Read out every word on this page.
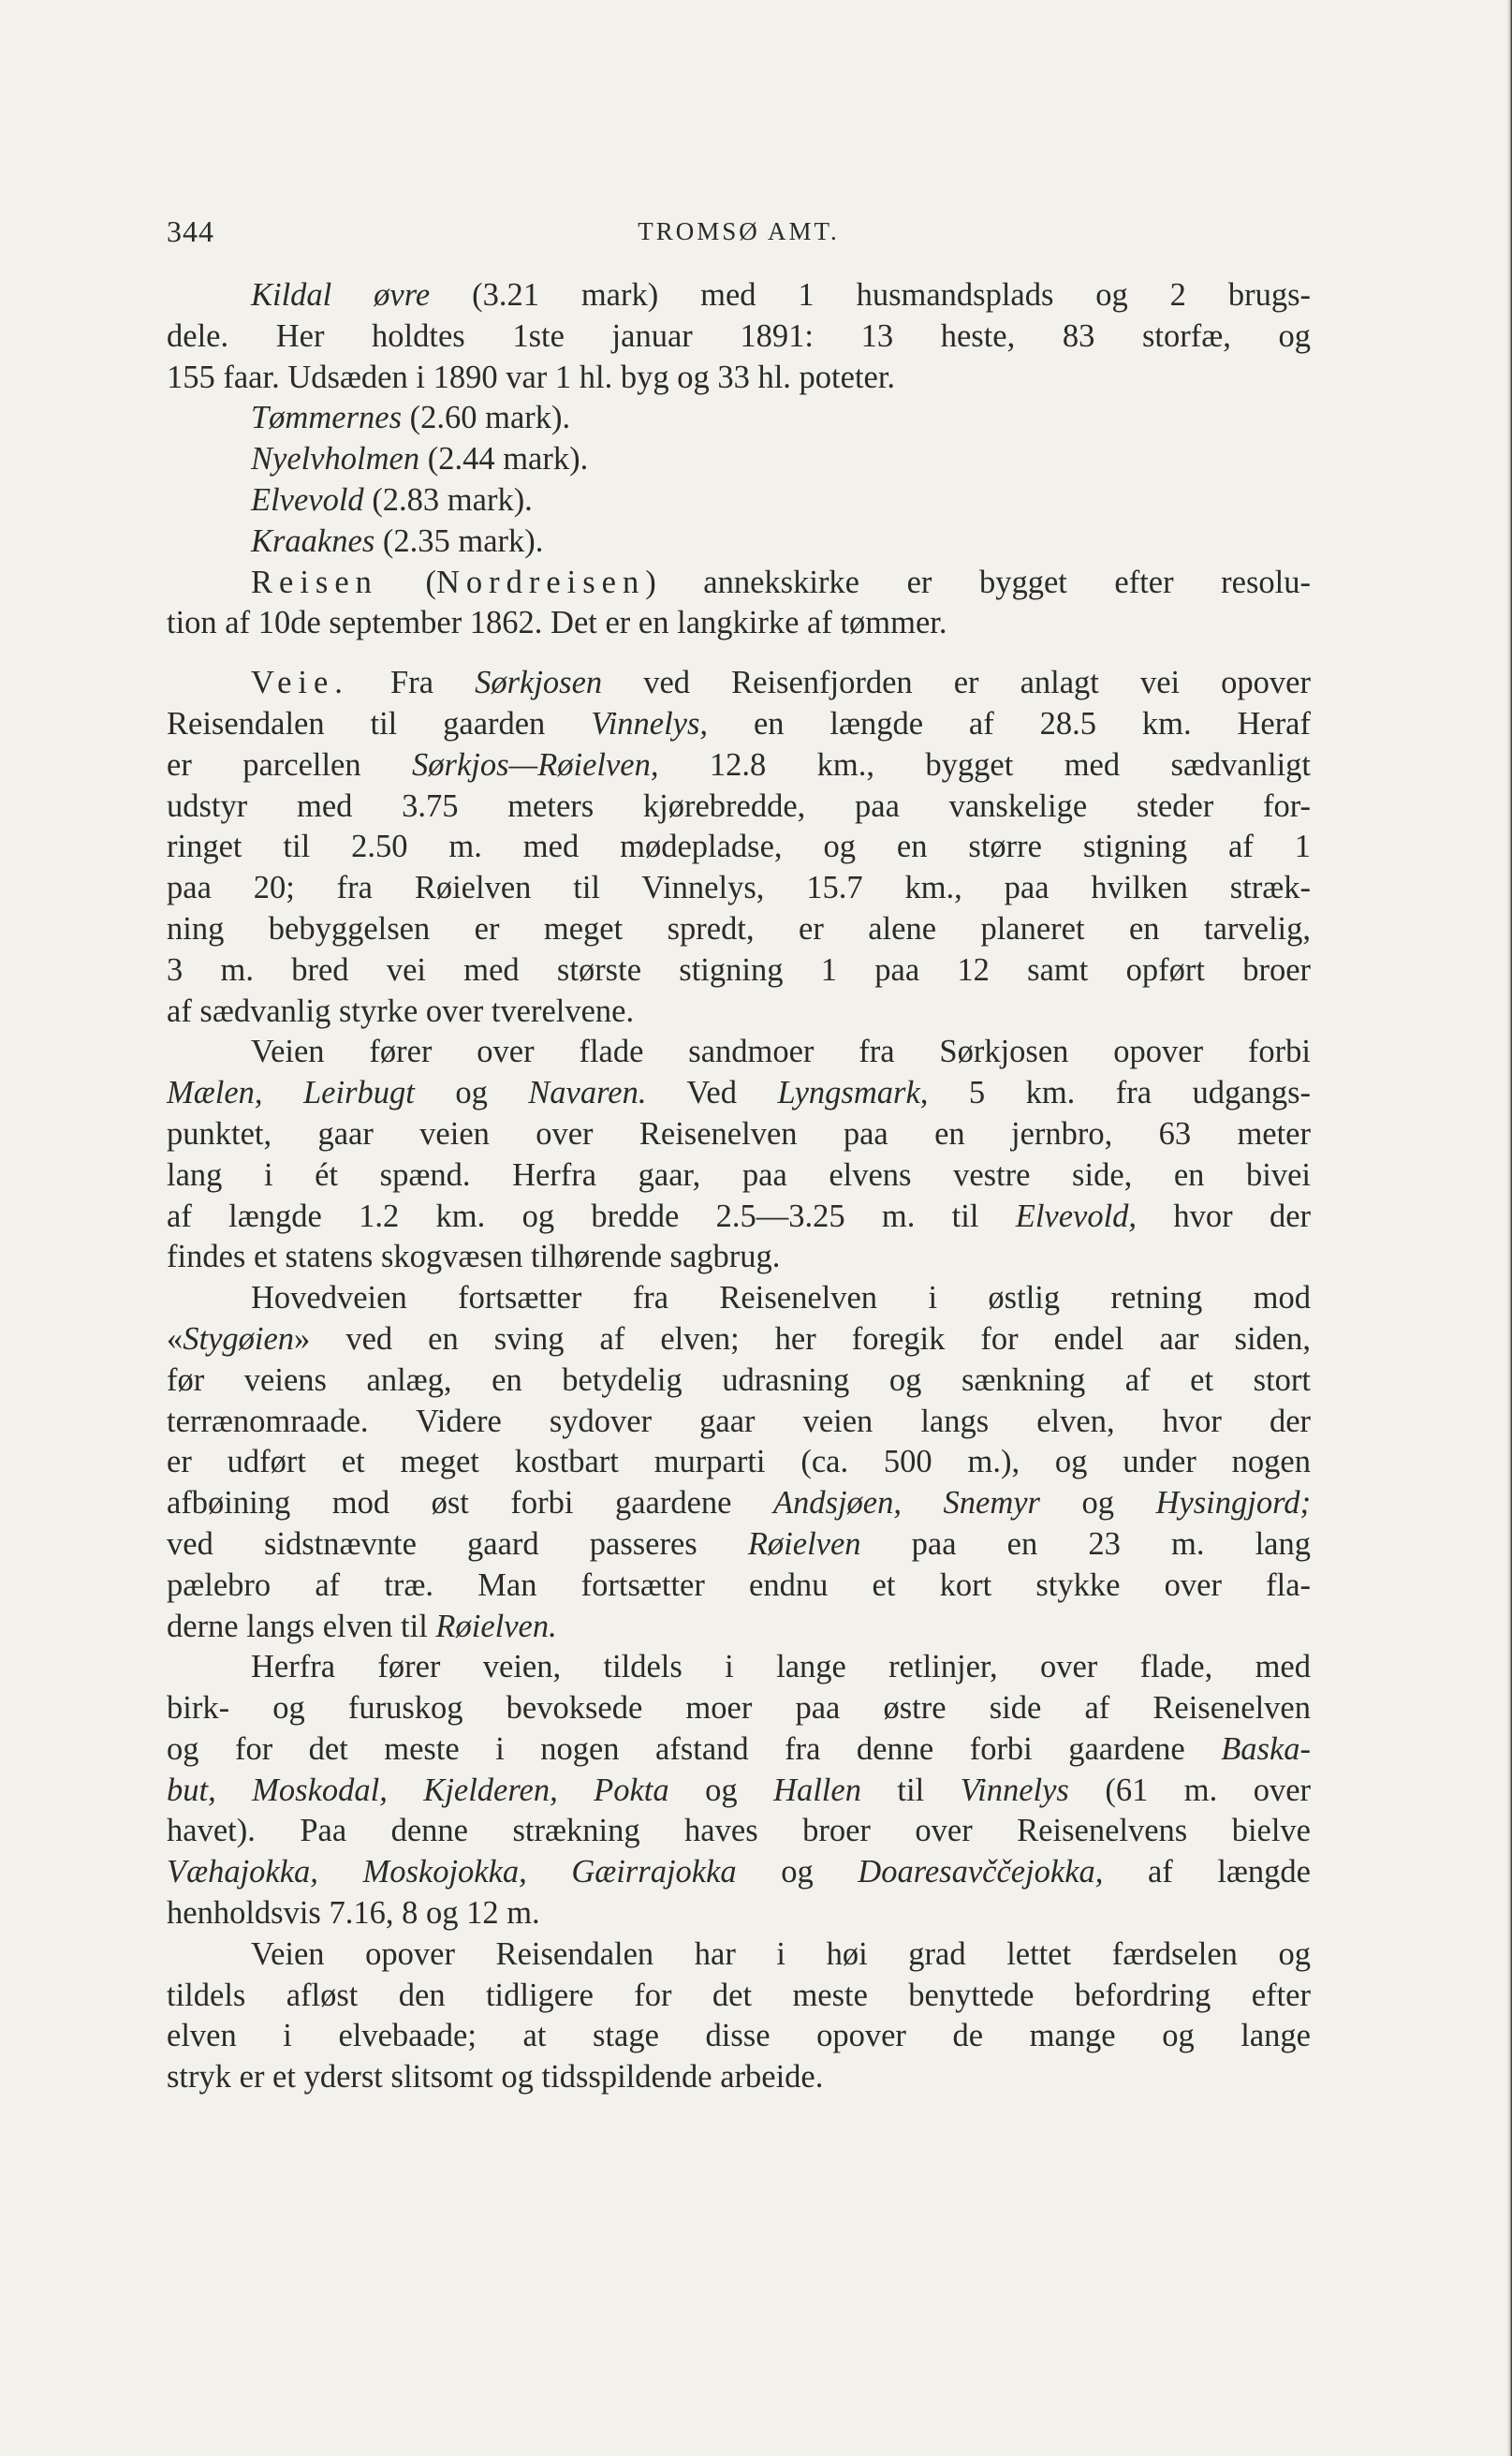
344	TROMSØ AMT.
Kildal øvre (3.21 mark) med 1 husmandsplads og 2 brugs-
dele. Her holdtes 1ste januar 1891: 13 heste, 83 storfæ, og
155 faar. Udsæden i 1890 var 1 hl. byg og 33 hl. poteter.
Tømmernes (2.60 mark).
Nyelvholmen (2.44 mark).
Elvevold (2.83 mark).
Kraaknes (2.35 mark).
Reisen (Nordreisen) annekskirke er bygget efter resolu-
tion af 10de september 1862. Det er en langkirke af tømmer.
Veie. Fra Sørkjosen ved Reisenfjorden er anlagt vei opover
Reisendalen til gaarden Vinnelys, en længde af 28.5 km. Heraf
er parcellen Sørkjos—Røielven, 12.8 km., bygget med sædvanligt
udstyr med 3.75 meters kjørebredde, paa vanskelige steder for-
ringet til 2.50 m. med mødepladse, og en større stigning af 1
paa 20; fra Røielven til Vinnelys, 15.7 km., paa hvilken stræk-
ning bebyggelsen er meget spredt, er alene planeret en tarvelig,
3 m. bred vei med største stigning 1 paa 12 samt opført broer
af sædvanlig styrke over tverelvene.
Veien fører over flade sandmoer fra Sørkjosen opover forbi
Mælen, Leirbugt og Navaren. Ved Lyngsmark, 5 km. fra udgangs-
punktet, gaar veien over Reisenelven paa en jernbro, 63 meter
lang i ét spænd. Herfra gaar, paa elvens vestre side, en bivei
af længde 1.2 km. og bredde 2.5—3.25 m. til Elvevold, hvor der
findes et statens skogvæsen tilhørende sagbrug.
Hovedveien fortsætter fra Reisenelven i østlig retning mod
«Stygøien» ved en sving af elven; her foregik for endel aar siden,
før veiens anlæg, en betydelig udrasning og sænkning af et stort
terrænomraade. Videre sydover gaar veien langs elven, hvor der
er udført et meget kostbart murparti (ca. 500 m.), og under nogen
afbøining mod øst forbi gaardene Andsjøen, Snemyr og Hysingjord;
ved sidstnævnte gaard passeres Røielven paa en 23 m. lang
pælebro af træ. Man fortsætter endnu et kort stykke over fla-
derne langs elven til Røielven.
Herfra fører veien, tildels i lange retlinjer, over flade, med
birk- og furuskog bevoksede moer paa østre side af Reisenelven
og for det meste i nogen afstand fra denne forbi gaardene Baska-
but, Moskodal, Kjelderen, Pokta og Hallen til Vinnelys (61 m. over
havet). Paa denne strækning haves broer over Reisenelvens bielve
Væhajokka, Moskojokka, Gæirrajokka og Doaresavččejokka, af længde
henholdsvis 7.16, 8 og 12 m.
Veien opover Reisendalen har i høi grad lettet færdselen og
tildels afløst den tidligere for det meste benyttede befordring efter
elven i elvebaade; at stage disse opover de mange og lange
stryk er et yderst slitsomt og tidsspildende arbeide.
